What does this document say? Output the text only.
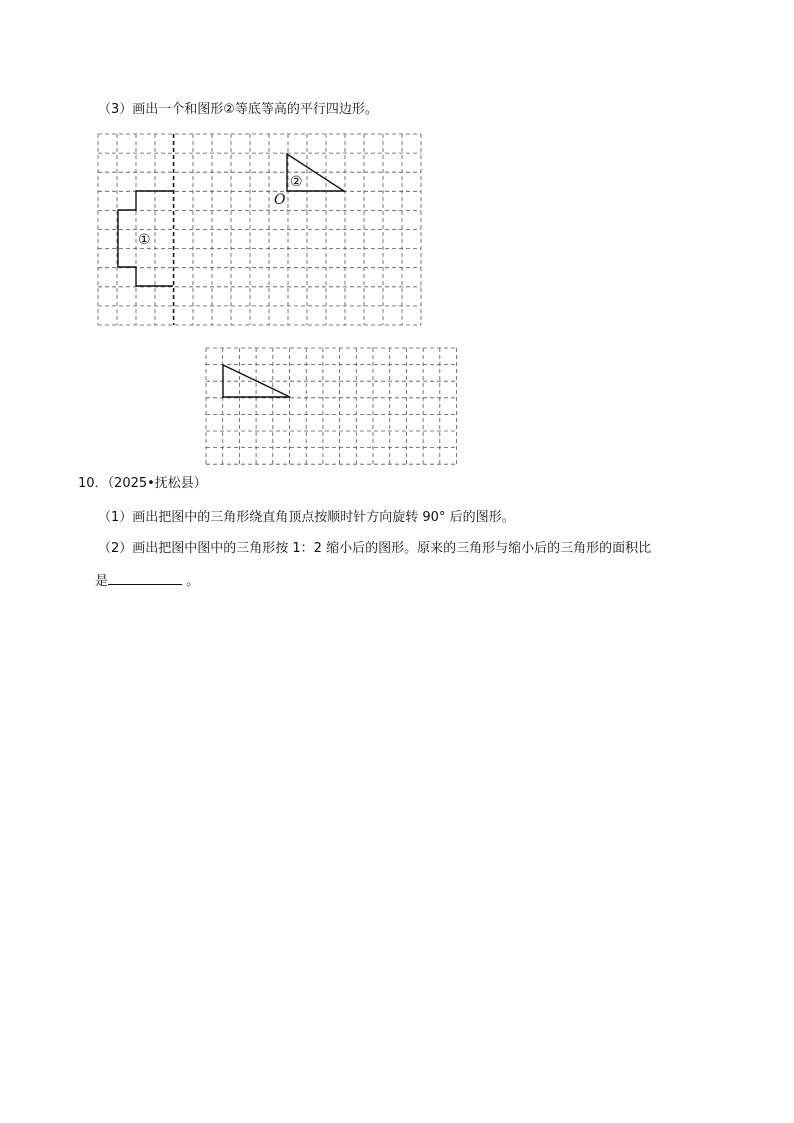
（3）画出一个和图形②等底等高的平行四边形。
①
②
O
10．（2025•抚松县）
（1）画出把图中的三角形绕直角顶点按顺时针方向旋转 90° 后的图形。
（2）画出把图中图中的三角形按 1：2 缩小后的图形。原来的三角形与缩小后的三角形的面积比
是	。
